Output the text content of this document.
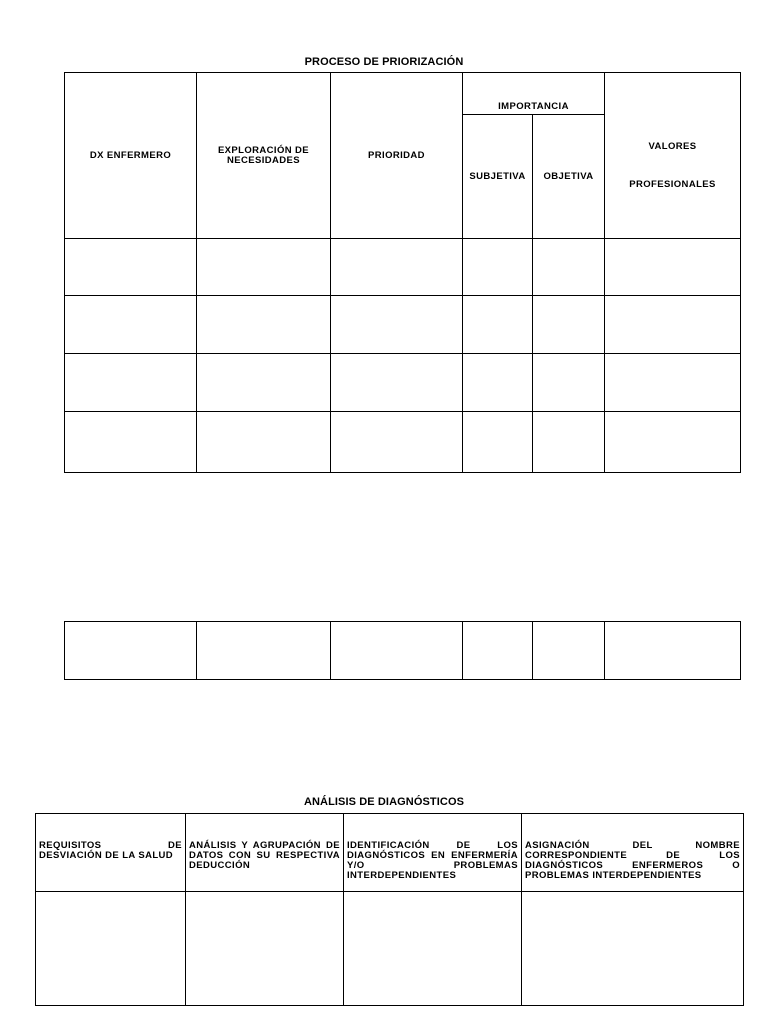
PROCESO DE PRIORIZACIÓN
DX ENFERMERO	EXPLORACIÓN DE NECESIDADES	PRIORIDAD	IMPORTANCIA		VALORES
PROFESIONALES

			SUBJETIVA	OBJETIVA	

ANÁLISIS DE DIAGNÓSTICOS
REQUISITOS DE DESVIACIÓN DE LA SALUD	ANÁLISIS Y AGRUPACIÓN DE DATOS CON SU RESPECTIVA DEDUCCIÓN	IDENTIFICACIÓN DE LOS DIAGNÓSTICOS EN ENFERMERÍA Y/O PROBLEMAS INTERDEPENDIENTES	ASIGNACIÓN DEL NOMBRE CORRESPONDIENTE DE LOS DIAGNÓSTICOS ENFERMEROS O PROBLEMAS INTERDEPENDIENTES
